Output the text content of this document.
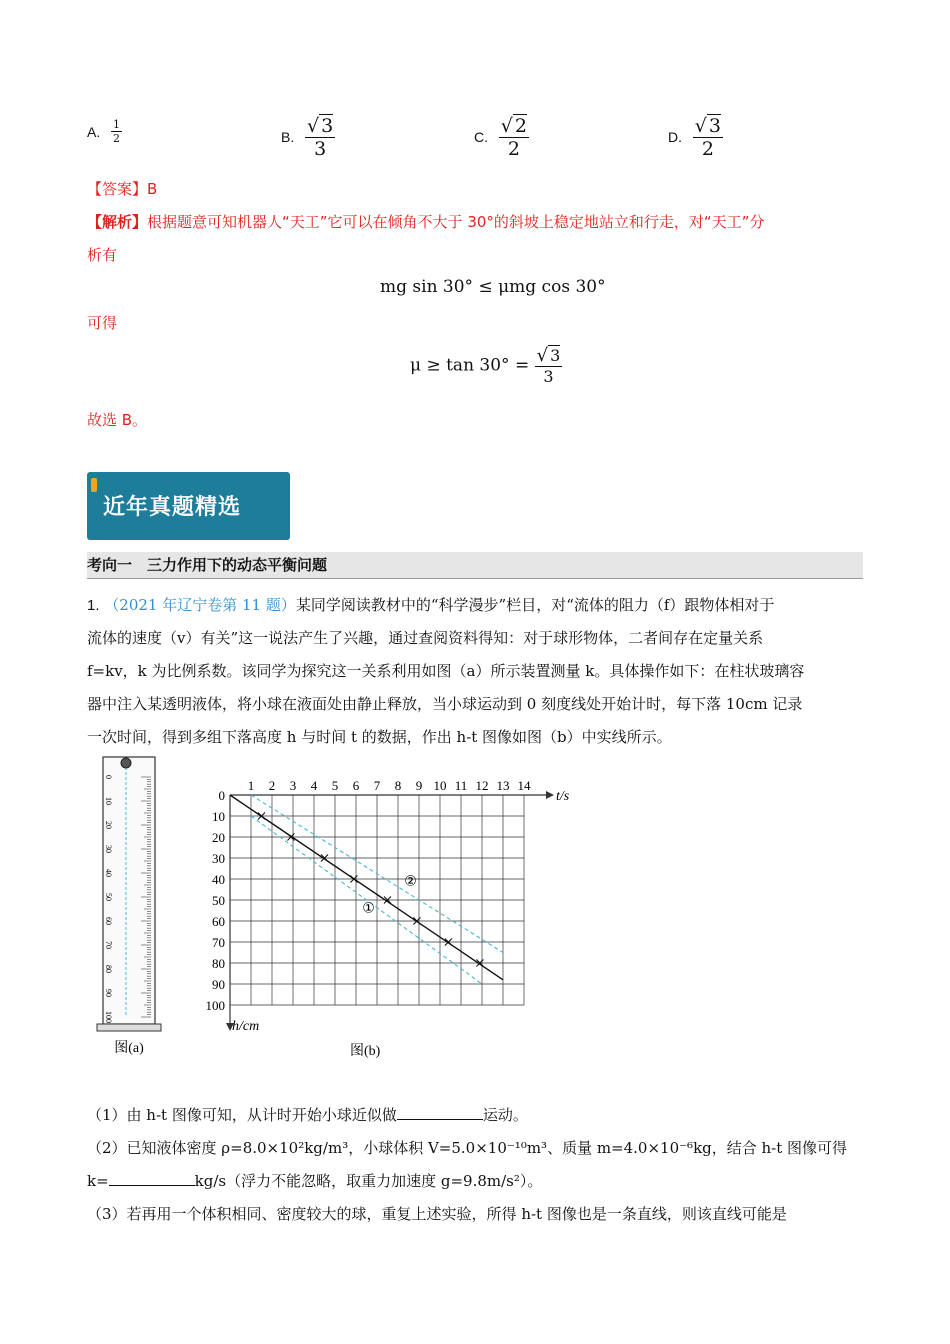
A. $\frac{1}{2}$	B. $\frac{√ 3}{3}$	C. $\frac{√ 2}{2}$	D. $\frac{√ 3}{2}$
【答案】B
【解析】根据题意可知机器人“天工”它可以在倾角不大于 30°的斜坡上稳定地站立和行走，对“天工”分
析有
mg sin 30° ≤ μmg cos 30°
可得
$\mu \ge \tan 30^\circ = \frac{√ 3}{3}$
故选 B。
近年真题精选
考向一　三力作用下的动态平衡问题
1. （2021 年辽宁卷第 11 题）某同学阅读教材中的“科学漫步”栏目，对“流体的阻力（f）跟物体相对于
流体的速度（v）有关”这一说法产生了兴趣，通过查阅资料得知：对于球形物体，二者间存在定量关系
f=kv，k 为比例系数。该同学为探究这一关系利用如图（a）所示装置测量 k。具体操作如下：在柱状玻璃容
器中注入某透明液体，将小球在液面处由静止释放，当小球运动到 0 刻度线处开始计时，每下落 10cm 记录
一次时间，得到多组下落高度 h 与时间 t 的数据，作出 h-t 图像如图（b）中实线所示。
0
10
20
30
40
50
60
70
80
90
100
图(a)
1 2 3 4 5 6 7 8 9 10 11 12 13 14
0
10
20
30
40
50
60
70
80
90
100
②
①
t/s
h/cm
图(b)
（1）由 h-t 图像可知，从计时开始小球近似做	运动。
（2）已知液体密度 ρ=8.0×10²kg/m³，小球体积 V=5.0×10⁻¹⁰m³、质量 m=4.0×10⁻⁶kg，结合 h-t 图像可得
k=	kg/s（浮力不能忽略，取重力加速度 g=9.8m/s²）。
（3）若再用一个体积相同、密度较大的球，重复上述实验，所得 h-t 图像也是一条直线，则该直线可能是
